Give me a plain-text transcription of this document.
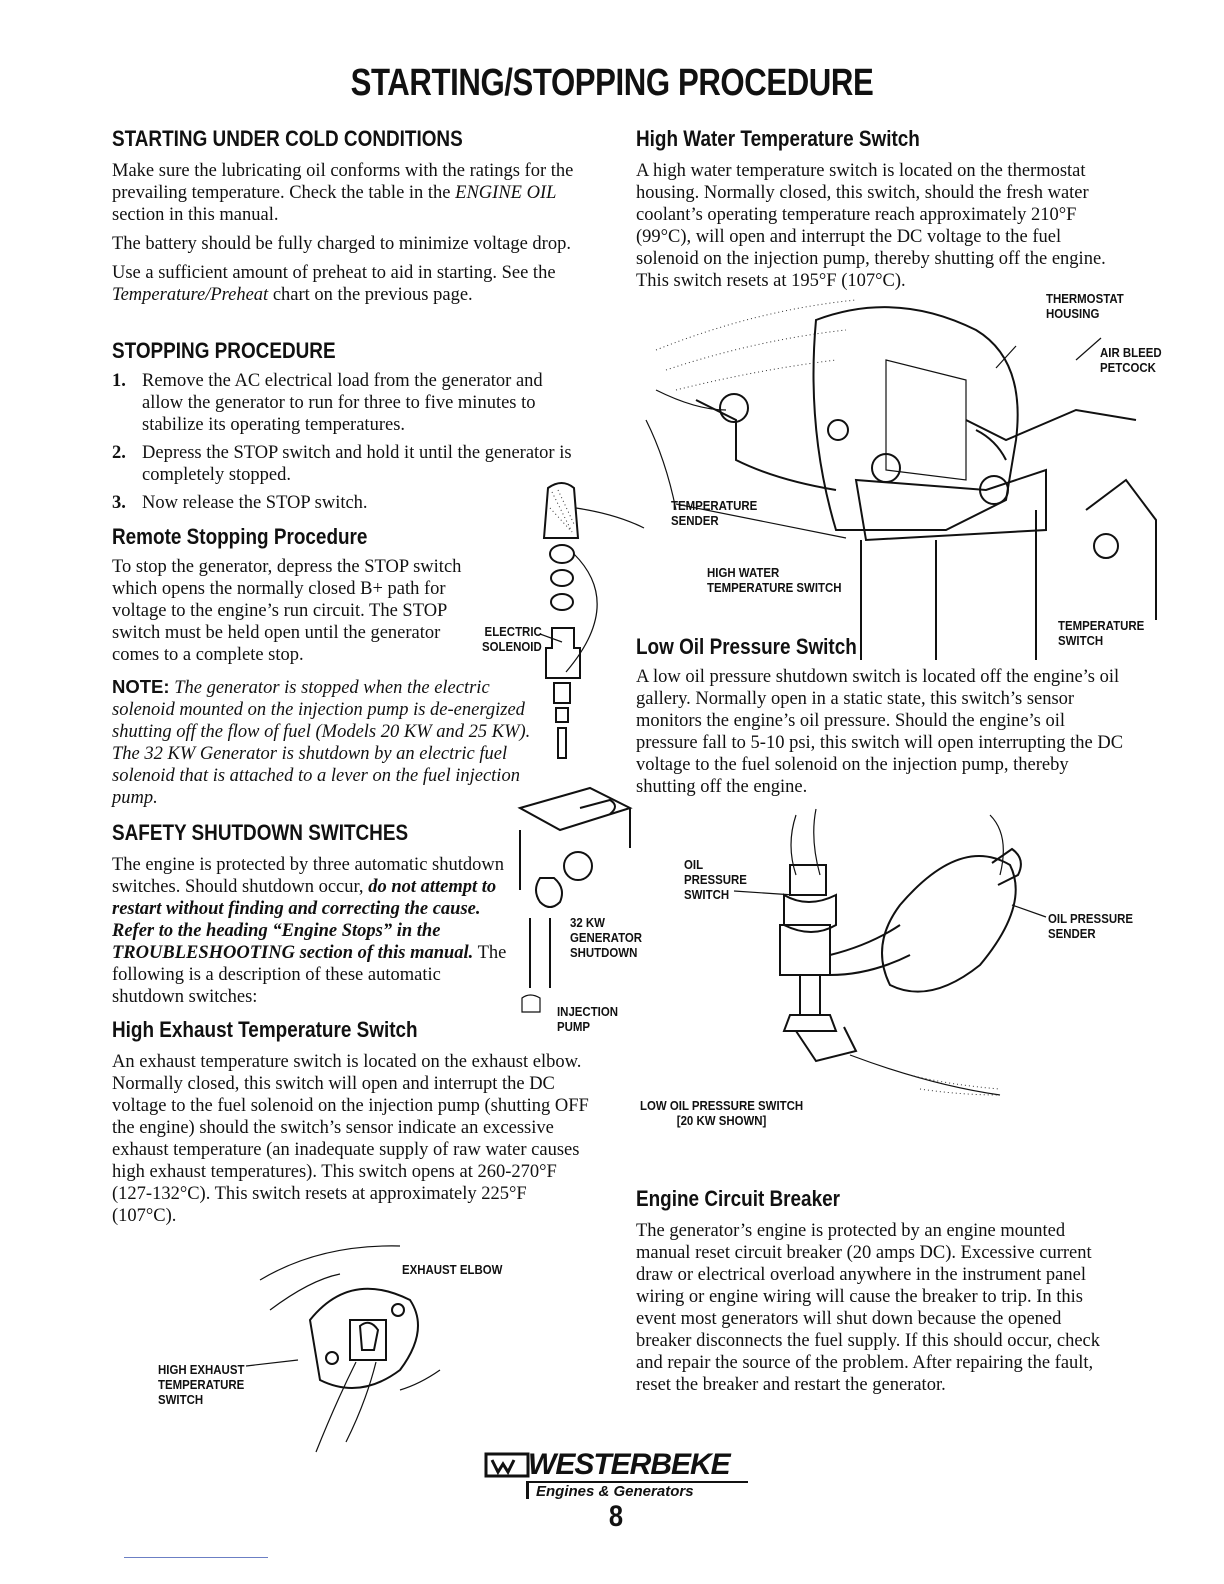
STARTING/STOPPING PROCEDURE
STARTING UNDER COLD CONDITIONS

Make sure the lubricating oil conforms with the ratings for the prevailing temperature. Check the table in the ENGINE OIL section in this manual.

The battery should be fully charged to minimize voltage drop.

Use a sufficient amount of preheat to aid in starting. See the Temperature/Preheat chart on the previous page.

STOPPING PROCEDURE
1. Remove the AC electrical load from the generator and allow the generator to run for three to five minutes to stabilize its operating temperatures.
2. Depress the STOP switch and hold it until the generator is completely stopped.
3. Now release the STOP switch.
Remote Stopping Procedure

To stop the generator, depress the STOP switch which opens the normally closed B+ path for voltage to the engine’s run circuit. The STOP switch must be held open until the generator comes to a complete stop.

NOTE: The generator is stopped when the electric solenoid mounted on the injection pump is de-energized shutting off the flow of fuel (Models 20 KW and 25 KW). The 32 KW Generator is shutdown by an electric fuel solenoid that is attached to a lever on the fuel injection pump.
SAFETY SHUTDOWN SWITCHES

The engine is protected by three automatic shutdown switches. Should shutdown occur, do not attempt to restart without finding and correcting the cause. Refer to the heading “Engine Stops” in the TROUBLESHOOTING section of this manual. The following is a description of these automatic shutdown switches:

High Exhaust Temperature Switch

An exhaust temperature switch is located on the exhaust elbow. Normally closed, this switch will open and interrupt the DC voltage to the fuel solenoid on the injection pump (shutting OFF the engine) should the switch’s sensor indicate an excessive exhaust temperature (an inadequate supply of raw water causes high exhaust temperatures). This switch opens at 260-270°F (127-132°C). This switch resets at approximately 225°F (107°C).

ELECTRIC
SOLENOID
32 KW
GENERATOR
SHUTDOWN
INJECTION
PUMP
EXHAUST ELBOW
HIGH EXHAUST
TEMPERATURE
SWITCH
High Water Temperature Switch

A high water temperature switch is located on the thermostat housing. Normally closed, this switch, should the fresh water coolant’s operating temperature reach approximately 210°F (99°C), will open and interrupt the DC voltage to the fuel solenoid on the injection pump, thereby shutting off the engine. This switch resets at 195°F (107°C).

THERMOSTAT
HOUSING
AIR BLEED
PETCOCK
TEMPERATURE
SENDER
HIGH WATER
TEMPERATURE SWITCH
TEMPERATURE
SWITCH
Low Oil Pressure Switch

A low oil pressure shutdown switch is located off the engine’s oil gallery. Normally open in a static state, this switch’s sensor monitors the engine’s oil pressure. Should the engine’s oil pressure fall to 5-10 psi, this switch will open interrupting the DC voltage to the fuel solenoid on the injection pump, thereby shutting off the engine.

OIL
PRESSURE
SWITCH
OIL PRESSURE
SENDER
LOW OIL PRESSURE SWITCH
[20 KW SHOWN]
Engine Circuit Breaker

The generator’s engine is protected by an engine mounted manual reset circuit breaker (20 amps DC). Excessive current draw or electrical overload anywhere in the instrument panel wiring or engine wiring will cause the breaker to trip. In this event most generators will shut down because the opened breaker disconnects the fuel supply. If this should occur, check and repair the source of the problem. After repairing the fault, reset the breaker and restart the generator.

WESTERBEKE
Engines & Generators
8
